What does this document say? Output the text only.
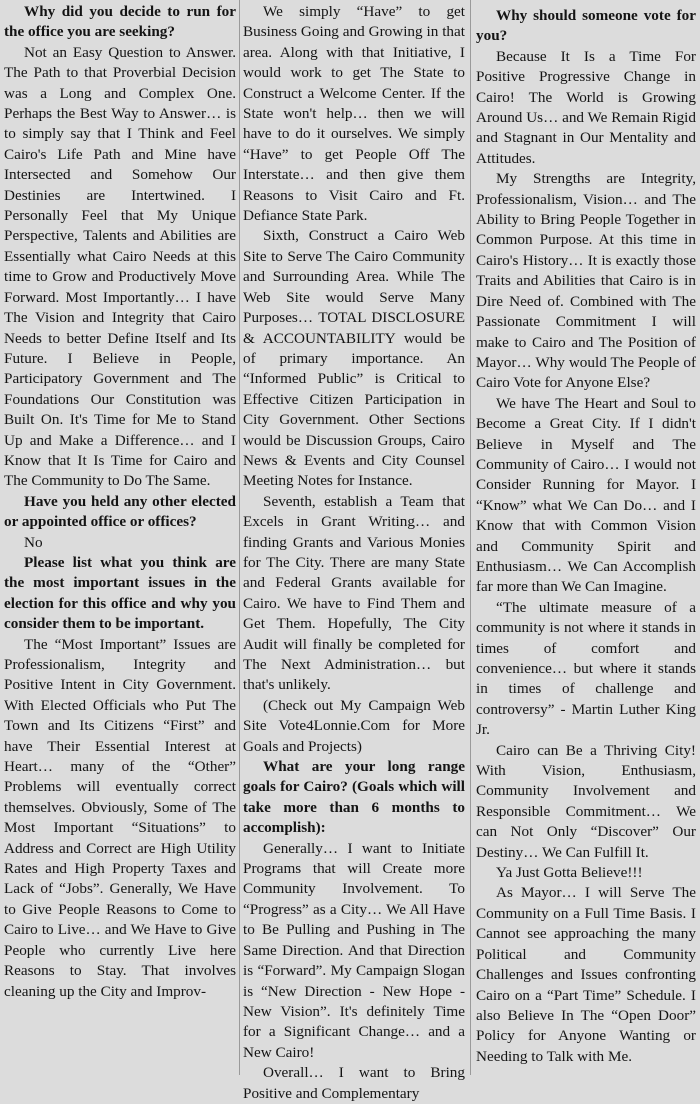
Why did you decide to run for the office you are seeking?

Not an Easy Question to Answer. The Path to that Proverbial Decision was a Long and Complex One. Perhaps the Best Way to Answer… is to simply say that I Think and Feel Cairo's Life Path and Mine have Intersected and Somehow Our Destinies are Intertwined. I Personally Feel that My Unique Perspective, Talents and Abilities are Essentially what Cairo Needs at this time to Grow and Productively Move Forward. Most Importantly… I have The Vision and Integrity that Cairo Needs to better Define Itself and Its Future. I Believe in People, Participatory Government and The Foundations Our Constitution was Built On. It's Time for Me to Stand Up and Make a Difference… and I Know that It Is Time for Cairo and The Community to Do The Same.

Have you held any other elected or appointed office or offices?

No

Please list what you think are the most important issues in the election for this office and why you consider them to be important.

The “Most Important” Issues are Professionalism, Integrity and Positive Intent in City Government. With Elected Officials who Put The Town and Its Citizens “First” and have Their Essential Interest at Heart… many of the “Other” Problems will eventually correct themselves. Obviously, Some of The Most Important “Situations” to Address and Correct are High Utility Rates and High Property Taxes and Lack of “Jobs”. Generally, We Have to Give People Reasons to Come to Cairo to Live… and We Have to Give People who currently Live here Reasons to Stay. That involves cleaning up the City and Improv-

We simply “Have” to get Business Going and Growing in that area. Along with that Initiative, I would work to get The State to Construct a Welcome Center. If the State won't help… then we will have to do it ourselves. We simply “Have” to get People Off The Interstate… and then give them Reasons to Visit Cairo and Ft. Defiance State Park.

Sixth, Construct a Cairo Web Site to Serve The Cairo Community and Surrounding Area. While The Web Site would Serve Many Purposes… TOTAL DISCLOSURE & ACCOUNTABILITY would be of primary importance. An “Informed Public” is Critical to Effective Citizen Participation in City Government. Other Sections would be Discussion Groups, Cairo News & Events and City Counsel Meeting Notes for Instance.

Seventh, establish a Team that Excels in Grant Writing… and finding Grants and Various Monies for The City. There are many State and Federal Grants available for Cairo. We have to Find Them and Get Them. Hopefully, The City Audit will finally be completed for The Next Administration… but that's unlikely.

(Check out My Campaign Web Site Vote4Lonnie.Com for More Goals and Projects)

What are your long range goals for Cairo? (Goals which will take more than 6 months to accomplish):

Generally… I want to Initiate Programs that will Create more Community Involvement. To “Progress” as a City… We All Have to Be Pulling and Pushing in The Same Direction. And that Direction is “Forward”. My Campaign Slogan is “New Direction - New Hope - New Vision”. It's definitely Time for a Significant Change… and a New Cairo!

Overall… I want to Bring Positive and Complementary

Why should someone vote for you?

Because It Is a Time For Positive Progressive Change in Cairo! The World is Growing Around Us… and We Remain Rigid and Stagnant in Our Mentality and Attitudes.

My Strengths are Integrity, Professionalism, Vision… and The Ability to Bring People Together in Common Purpose. At this time in Cairo's History… It is exactly those Traits and Abilities that Cairo is in Dire Need of. Combined with The Passionate Commitment I will make to Cairo and The Position of Mayor… Why would The People of Cairo Vote for Anyone Else?

We have The Heart and Soul to Become a Great City. If I didn't Believe in Myself and The Community of Cairo… I would not Consider Running for Mayor. I “Know” what We Can Do… and I Know that with Common Vision and Community Spirit and Enthusiasm… We Can Accomplish far more than We Can Imagine.

“The ultimate measure of a community is not where it stands in times of comfort and convenience… but where it stands in times of challenge and controversy” - Martin Luther King Jr.

Cairo can Be a Thriving City! With Vision, Enthusiasm, Community Involvement and Responsible Commitment… We can Not Only “Discover” Our Destiny… We Can Fulfill It.

Ya Just Gotta Believe!!!

As Mayor… I will Serve The Community on a Full Time Basis. I Cannot see approaching the many Political and Community Challenges and Issues confronting Cairo on a “Part Time” Schedule. I also Believe In The “Open Door” Policy for Anyone Wanting or Needing to Talk with Me.
